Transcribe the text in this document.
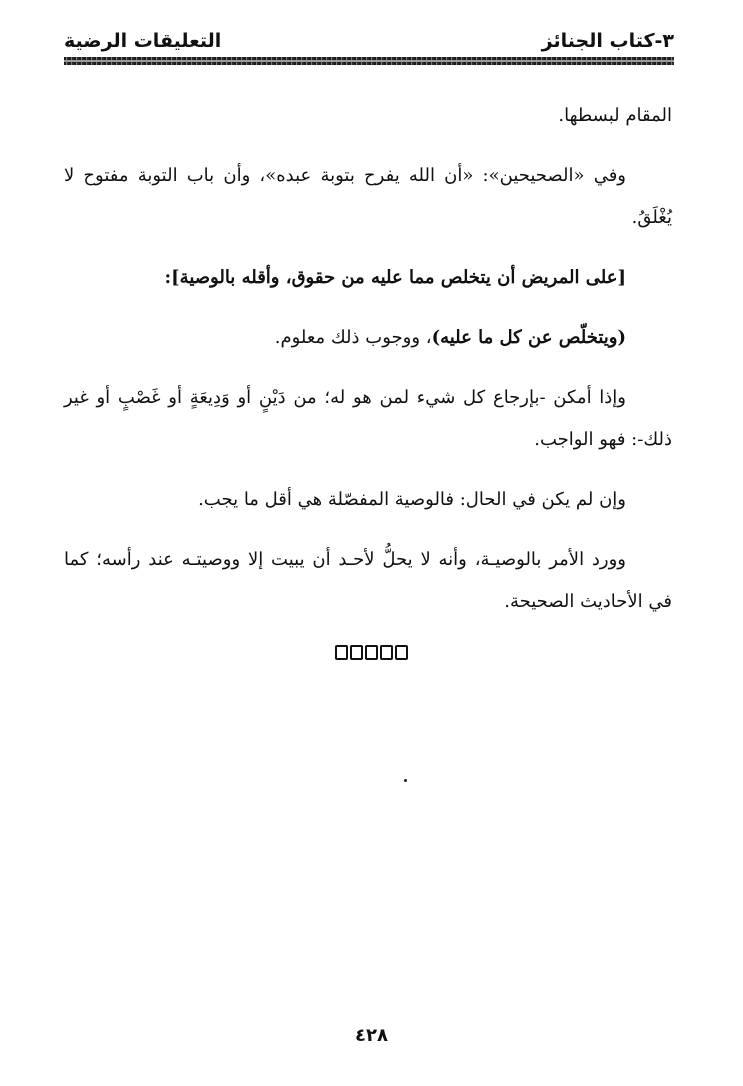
التعليقات الرضية	٣-كتاب الجنائز

المقام لبسطها.

وفي «الصحيحين»: «أن الله يفرح بتوبة عبده»، وأن باب التوبة مفتوح لا يُغْلَقُ.

[على المريض أن يتخلص مما عليه من حقوق، وأقله بالوصية]:

(ويتخلّص عن كل ما عليه)، ووجوب ذلك معلوم.

وإذا أمكن -بإرجاع كل شيء لمن هو له؛ من دَيْنٍ أو وَدِيعَةٍ أو غَصْبٍ أو غير ذلك-: فهو الواجب.

وإن لم يكن في الحال: فالوصية المفصّلة هي أقل ما يجب.

وورد الأمر بالوصيـة، وأنه لا يحلُّ لأحـد أن يبيت إلا ووصيتـه عند رأسه؛ كما في الأحاديث الصحيحة.

٤٢٨
